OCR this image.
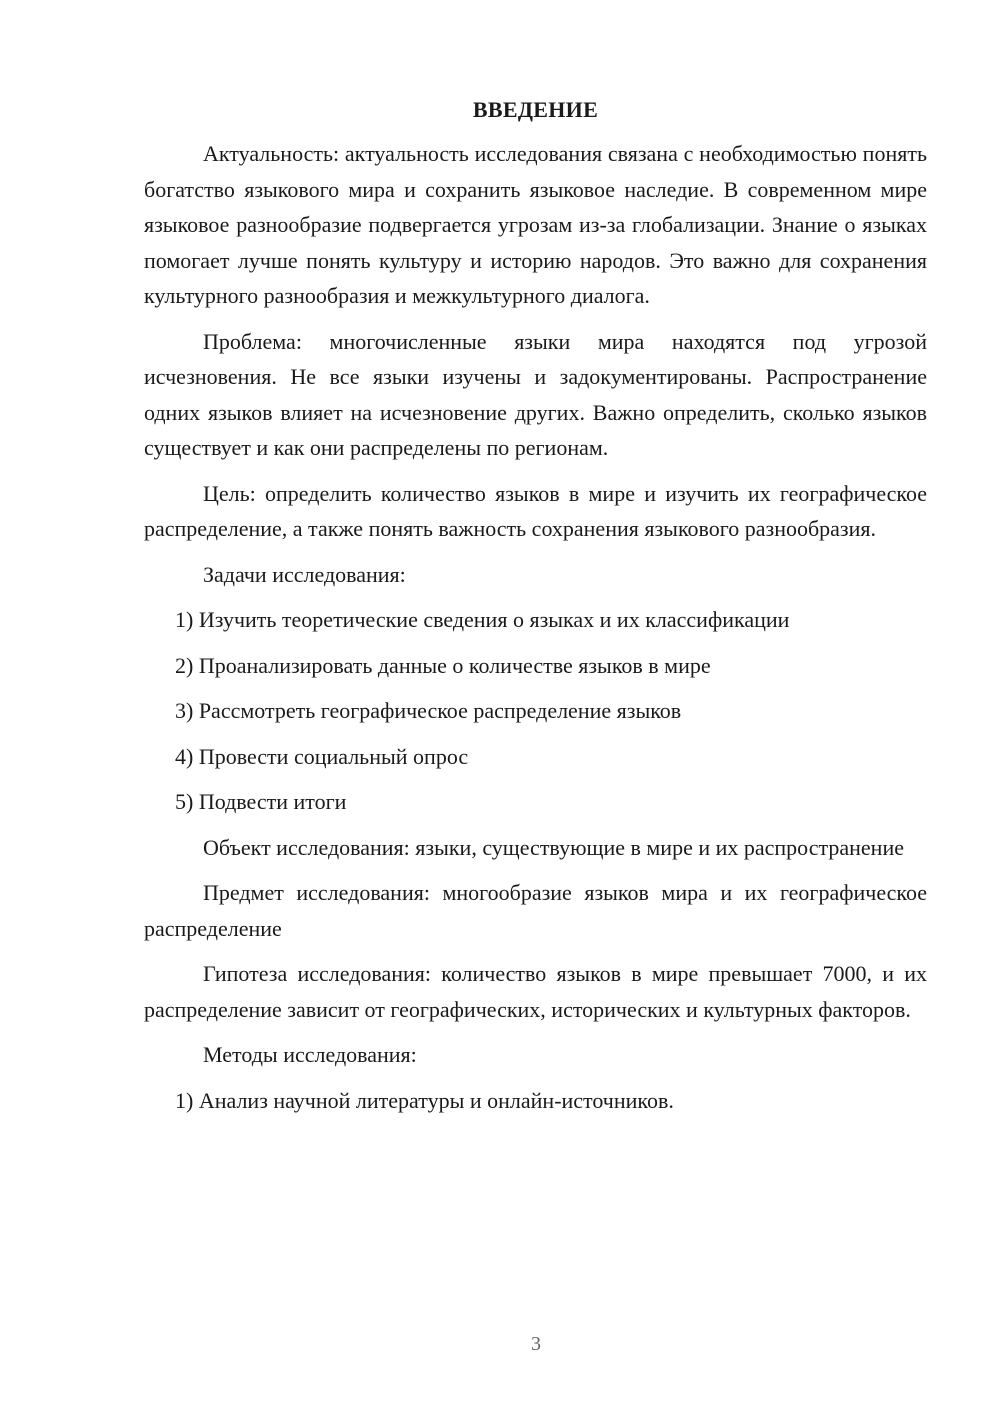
ВВЕДЕНИЕ

Актуальность: актуальность исследования связана с необходимостью понять богатство языкового мира и сохранить языковое наследие. В современном мире языковое разнообразие подвергается угрозам из-за глобализации. Знание о языках помогает лучше понять культуру и историю народов. Это важно для сохранения культурного разнообразия и межкультурного диалога.

Проблема: многочисленные языки мира находятся под угрозой исчезновения. Не все языки изучены и задокументированы. Распространение одних языков влияет на исчезновение других. Важно определить, сколько языков существует и как они распределены по регионам.

Цель: определить количество языков в мире и изучить их географическое распределение, а также понять важность сохранения языкового разнообразия.

Задачи исследования:
1) Изучить теоретические сведения о языках и их классификации
2) Проанализировать данные о количестве языков в мире
3) Рассмотреть географическое распределение языков
4) Провести социальный опрос
5) Подвести итоги

Объект исследования: языки, существующие в мире и их распространение

Предмет исследования: многообразие языков мира и их географическое распределение

Гипотеза исследования: количество языков в мире превышает 7000, и их распределение зависит от географических, исторических и культурных факторов.

Методы исследования:
1) Анализ научной литературы и онлайн-источников.
3
